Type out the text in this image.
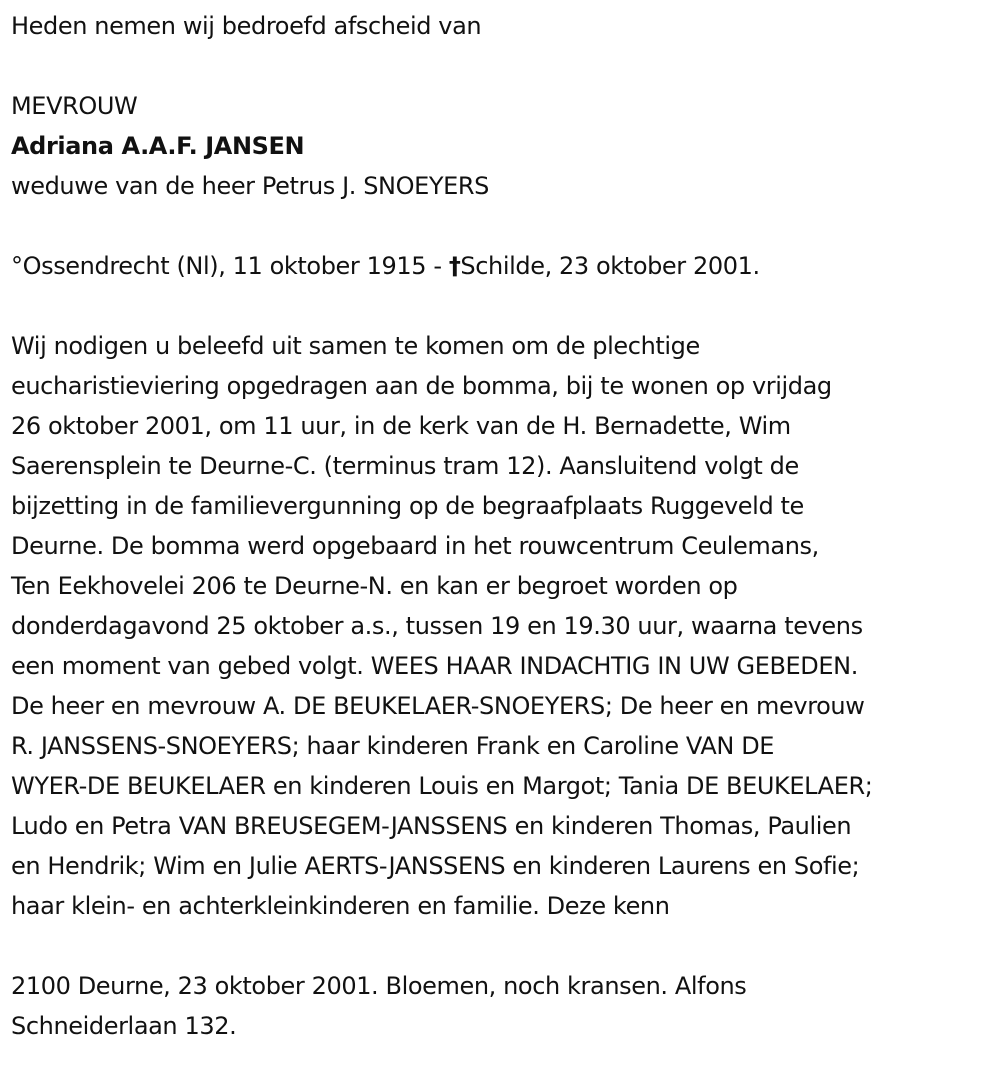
Heden nemen wij bedroefd afscheid van
MEVROUW
Adriana A.A.F. JANSEN
weduwe van de heer Petrus J. SNOEYERS
°Ossendrecht (Nl), 11 oktober 1915 - †Schilde, 23 oktober 2001.
Wij nodigen u beleefd uit samen te komen om de plechtige
eucharistieviering opgedragen aan de bomma, bij te wonen op vrijdag
26 oktober 2001, om 11 uur, in de kerk van de H. Bernadette, Wim
Saerensplein te Deurne-C. (terminus tram 12). Aansluitend volgt de
bijzetting in de familievergunning op de begraafplaats Ruggeveld te
Deurne. De bomma werd opgebaard in het rouwcentrum Ceulemans,
Ten Eekhovelei 206 te Deurne-N. en kan er begroet worden op
donderdagavond 25 oktober a.s., tussen 19 en 19.30 uur, waarna tevens
een moment van gebed volgt. WEES HAAR INDACHTIG IN UW GEBEDEN.
De heer en mevrouw A. DE BEUKELAER-SNOEYERS; De heer en mevrouw
R. JANSSENS-SNOEYERS; haar kinderen Frank en Caroline VAN DE
WYER-DE BEUKELAER en kinderen Louis en Margot; Tania DE BEUKELAER;
Ludo en Petra VAN BREUSEGEM-JANSSENS en kinderen Thomas, Paulien
en Hendrik; Wim en Julie AERTS-JANSSENS en kinderen Laurens en Sofie;
haar klein- en achterkleinkinderen en familie. Deze kenn
2100 Deurne, 23 oktober 2001. Bloemen, noch kransen. Alfons
Schneiderlaan 132.
